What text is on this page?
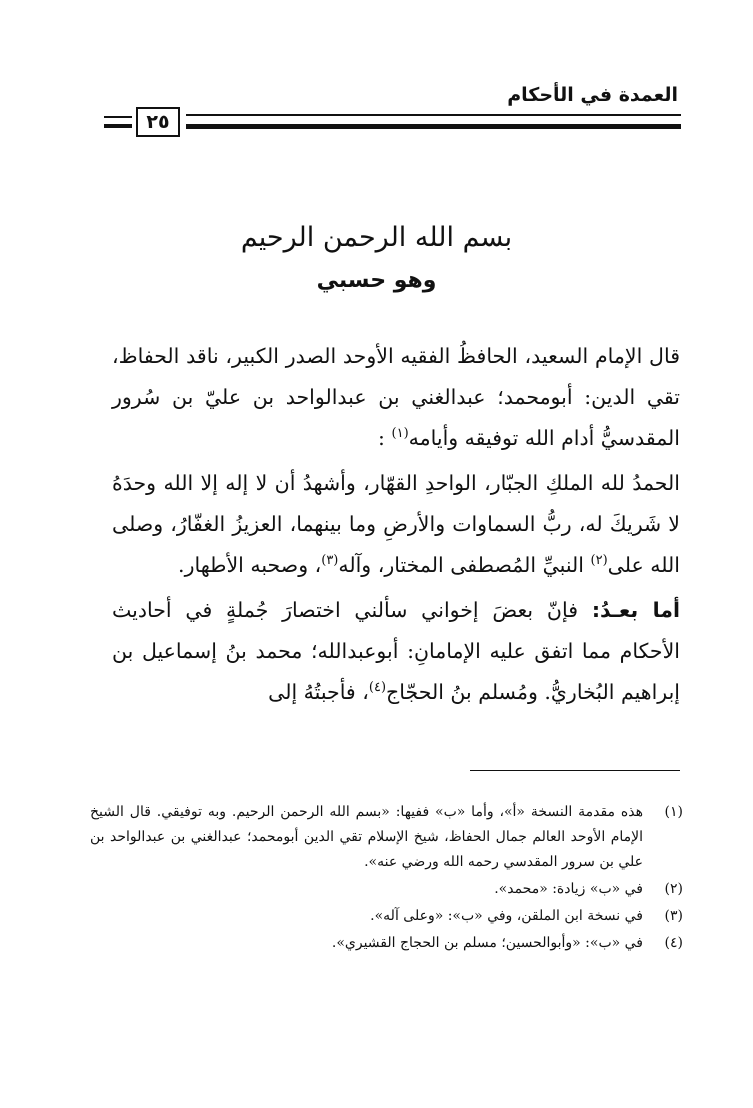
العمدة في الأحكام
٢٥
بسم الله الرحمن الرحيم
وهو حسبي

قال الإمام السعيد، الحافظُ الفقيه الأوحد الصدر الكبير، ناقد الحفاظ، تقي الدين: أبومحمد؛ عبدالغني بن عبدالواحد بن عليّ بن سُرور المقدسيُّ أدام الله توفيقه وأيامه$^{(١)}$ :

الحمدُ لله الملكِ الجبّار، الواحدِ القهّار، وأشهدُ أن لا إله إلا الله وحدَهُ لا شَريكَ له، ربُّ السماوات والأرضِ وما بينهما، العزيزُ الغفّارُ، وصلى الله على$^{(٢)}$ النبيِّ المُصطفى المختار، وآله$^{(٣)}$، وصحبه الأطهار.

أما بعـدُ: فإنّ بعضَ إخواني سألني اختصارَ جُملةٍ في أحاديث الأحكام مما اتفق عليه الإمامانِ: أبوعبدالله؛ محمد بنُ إسماعيل بن إبراهيم البُخاريُّ. ومُسلم بنُ الحجّاج$^{(٤)}$، فأجبتُهُ إلى

(١)
هذه مقدمة النسخة «أ»، وأما «ب» ففيها: «بسم الله الرحمن الرحيم. وبه توفيقي. قال الشيخ الإمام الأوحد العالم جمال الحفاظ، شيخ الإسلام تقي الدين أبومحمد؛ عبدالغني بن عبدالواحد بن علي بن سرور المقدسي رحمه الله ورضي عنه».
(٢)
في «ب» زيادة: «محمد».
(٣)
في نسخة ابن الملقن، وفي «ب»: «وعلى آله».
(٤)
في «ب»: «وأبوالحسين؛ مسلم بن الحجاج القشيري».
